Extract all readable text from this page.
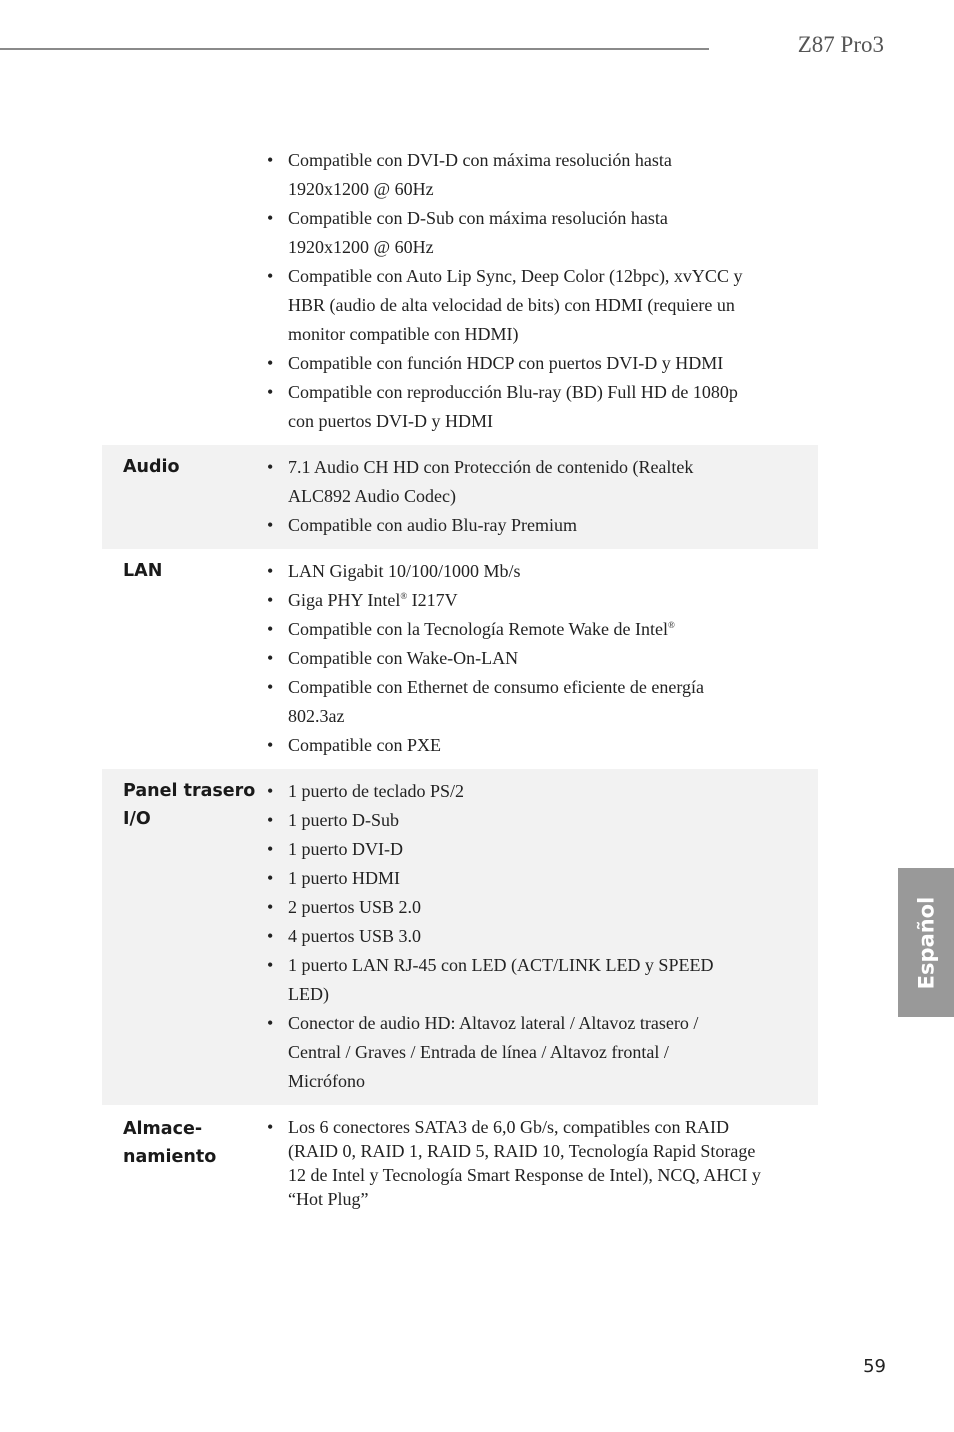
Z87 Pro3
• Compatible con DVI-D con máxima resolución hasta 1920x1200 @ 60Hz
• Compatible con D-Sub con máxima resolución hasta 1920x1200 @ 60Hz
• Compatible con Auto Lip Sync, Deep Color (12bpc), xvYCC y HBR (audio de alta velocidad de bits) con HDMI (requiere un monitor compatible con HDMI)
• Compatible con función HDCP con puertos DVI-D y HDMI
• Compatible con reproducción Blu-ray (BD) Full HD de 1080p con puertos DVI-D y HDMI
Audio	• 7.1 Audio CH HD con Protección de contenido (Realtek ALC892 Audio Codec)
• Compatible con audio Blu-ray Premium
LAN	• LAN Gigabit 10/100/1000 Mb/s
• Giga PHY Intel® I217V
• Compatible con la Tecnología Remote Wake de Intel®
• Compatible con Wake-On-LAN
• Compatible con Ethernet de consumo eficiente de energía 802.3az
• Compatible con PXE
Panel trasero
I/O
• 1 puerto de teclado PS/2
• 1 puerto D-Sub
• 1 puerto DVI-D
• 1 puerto HDMI
• 2 puertos USB 2.0
• 4 puertos USB 3.0
• 1 puerto LAN RJ-45 con LED (ACT/LINK LED y SPEED LED)
• Conector de audio HD: Altavoz lateral / Altavoz trasero / Central / Graves / Entrada de línea / Altavoz frontal / Micrófono
Almace-
namiento
• Los 6 conectores SATA3 de 6,0 Gb/s, compatibles con RAID (RAID 0, RAID 1, RAID 5, RAID 10, Tecnología Rapid Storage 12 de Intel y Tecnología Smart Response de Intel), NCQ, AHCI y “Hot Plug”
Español
59
